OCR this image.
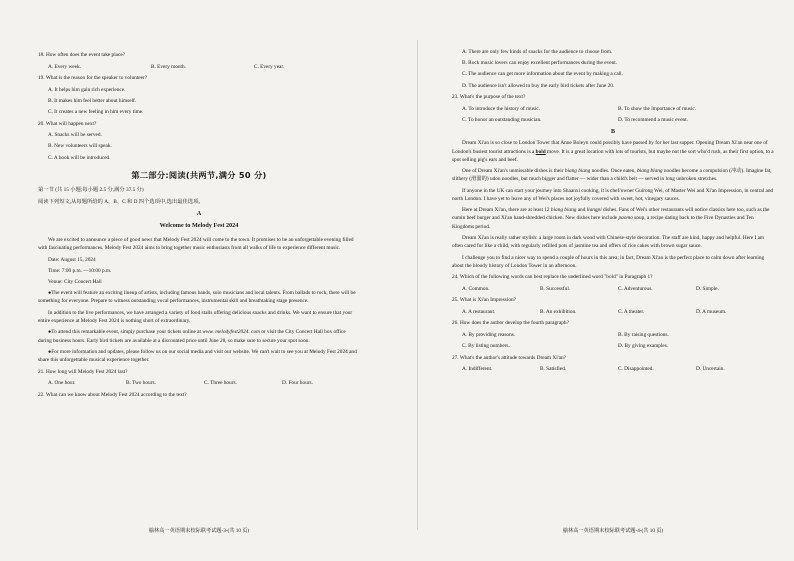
18. How often does the event take place?

A. Every week.	B. Every month.	C. Every year.

19. What is the reason for the speaker to volunteer?

A. It helps him gain rich experience.

B. It makes him feel better about himself.

C. It creates a new feeling in him every time.

20. What will happen next?

A. Snacks will be served.

B. New volunteers will speak.

C. A book will be introduced.

第二部分:阅读(共两节,满分 50 分)

第一节 (共 15 小题;每小题 2.5 分,满分 37.5 分)

阅读下列短文,从每题所给的 A、B、C 和 D 四个选项中,选出最佳选项。

A
Welcome to Melody Fest 2024

We are excited to announce a piece of good news that Melody Fest 2024 will come to the town. It promises to be an unforgettable evening filled with fascinating performances. Melody Fest 2024 aims to bring together music enthusiasts from all walks of life to experience different music.

Date: August 15, 2024

Time: 7:00 p.m. —10:00 p.m.

Venue: City Concert Hall

●The event will feature an exciting lineup of artists, including famous bands, solo musicians and local talents. From ballads to rock, there will be something for everyone. Prepare to witness outstanding vocal performances, instrumental skill and breathtaking stage presence.

In addition to the live performances, we have arranged a variety of food stalls offering delicious snacks and drinks. We want to ensure that your entire experience at Melody Fest 2024 is nothing short of extraordinary.

●To attend this remarkable event, simply purchase your tickets online at www. melodyfest2024. com or visit the City Concert Hall box office during business hours. Early bird tickets are available at a discounted price until June 28, so make sure to secure your spot soon.

●For more information and updates, please follow us on our social media and visit our website. We can't wait to see you at Melody Fest 2024 and share this unforgettable musical experience together.

21. How long will Melody Fest 2024 last?

A. One hour.	B. Two hours.	C. Three hours.	D. Four hours.

22. What can we know about Melody Fest 2024 according to the text?

A. There are only few kinds of snacks for the audience to choose from.

B. Rock music lovers can enjoy excellent performances during the event.

C. The audience can get more information about the event by making a call.

D. The audience isn't allowed to buy the early bird tickets after June 20.

23. What's the purpose of the text?

A. To introduce the history of music.	B. To show the importance of music.
C. To honor an outstanding musician.	D. To recommend a music event.
B

Dream Xi'an is so close to London Tower that Anne Boleyn could possibly have passed by for her last supper. Opening Dream Xi'an near one of London's busiest tourist attractions is a bold move. It is a great location with lots of tourists, but maybe not the sort who'd rush, as their first option, to a spot selling pig's ears and beef.

One of Dream Xi'an's unmissable dishes is their biang biang noodles. Once eaten, biang biang noodles become a compulsion (冲动). Imagine fat, slithery (滑溜的) udon noodles, but much bigger and flatter — wider than a child's belt — served in long unbroken stretches.

If anyone in the UK can start your journey into Shaanxi cooking, it is chef/owner Guirong Wei, of Master Wei and Xi'an Impression, in central and north London. I have yet to leave any of Wei's places not joyfully covered with sweet, hot, vinegary sauces.

Here at Dream Xi'an, there are at least 12 biang biang and liangpi dishes. Fans of Wei's other restaurants will notice classics here too, such as the cumin beef burger and Xi'an hand-shredded chicken. New dishes here include paomo soup, a recipe dating back to the Five Dynasties and Ten Kingdoms period.

Dream Xi'an is really rather stylish: a large room in dark wood with Chinese-style decoration. The staff are kind, happy and helpful. Here I am often cared for like a child, with regularly refilled pots of jasmine tea and offers of rice cakes with brown sugar sauce.

I challenge you to find a nicer way to spend a couple of hours in this area; in fact, Dream Xi'an is the perfect place to calm down after learning about the bloody history of London Tower in an afternoon.

24. Which of the following words can best replace the underlined word "bold" in Paragraph 1?

A. Common.	B. Successful.	C. Adventurous.	D. Simple.

25. What is Xi'an Impression?

A. A restaurant.	B. An exhibition.	C. A theater.	D. A museum.

26. How does the author develop the fourth paragraph?

A. By providing reasons.	B. By raising questions.
C. By listing numbers.	D. By giving examples.

27. What's the author's attitude towards Dream Xi'an?

A. Indifferent.	B. Satisfied.	C. Disappointed.	D. Uncertain.
榆林高一英语期末校际联考试题-3-(共 10 页)	榆林高一英语期末校际联考试题-4-(共 10 页)
